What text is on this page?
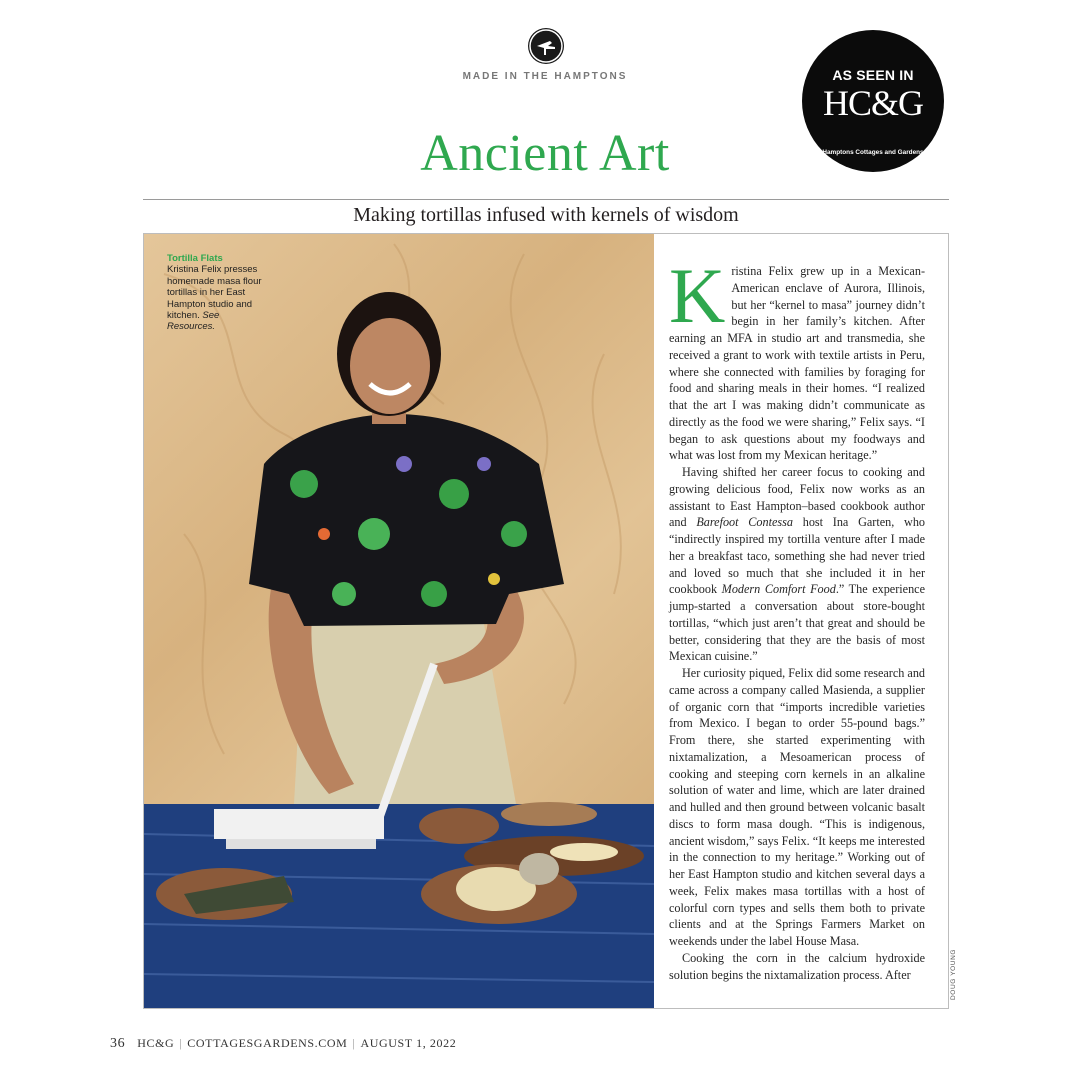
MADE IN THE HAMPTONS	AS SEEN IN
HC&G
Hamptons Cottages and Gardens
Ancient Art
Making tortillas infused with kernels of wisdom
Tortilla Flats
Kristina Felix presses homemade masa flour tortillas in her East Hampton studio and kitchen. See Resources.	Kristina Felix grew up in a Mexican-American enclave of Aurora, Illinois, but her “kernel to masa” journey didn’t begin in her family’s kitchen. After earning an MFA in studio art and transmedia, she received a grant to work with textile artists in Peru, where she connected with families by foraging for food and sharing meals in their homes. “I realized that the art I was making didn’t communicate as directly as the food we were sharing,” Felix says. “I began to ask questions about my foodways and what was lost from my Mexican heritage.”

Having shifted her career focus to cooking and growing delicious food, Felix now works as an assistant to East Hampton–based cookbook author and Barefoot Contessa host Ina Garten, who “indirectly inspired my tortilla venture after I made her a breakfast taco, something she had never tried and loved so much that she included it in her cookbook Modern Comfort Food.” The experience jump-started a conversation about store-bought tortillas, “which just aren’t that great and should be better, considering that they are the basis of most Mexican cuisine.”

Her curiosity piqued, Felix did some research and came across a company called Masienda, a supplier of organic corn that “imports incredible varieties from Mexico. I began to order 55-pound bags.” From there, she started experimenting with nixtamalization, a Mesoamerican process of cooking and steeping corn kernels in an alkaline solution of water and lime, which are later drained and hulled and then ground between volcanic basalt discs to form masa dough. “This is indigenous, ancient wisdom,” says Felix. “It keeps me interested in the connection to my heritage.” Working out of her East Hampton studio and kitchen several days a week, Felix makes masa tortillas with a host of colorful corn types and sells them both to private clients and at the Springs Farmers Market on weekends under the label House Masa.

Cooking the corn in the calcium hydroxide solution begins the nixtamalization process. After	DOUG YOUNG
36 HC&G | COTTAGESGARDENS.COM | AUGUST 1, 2022
